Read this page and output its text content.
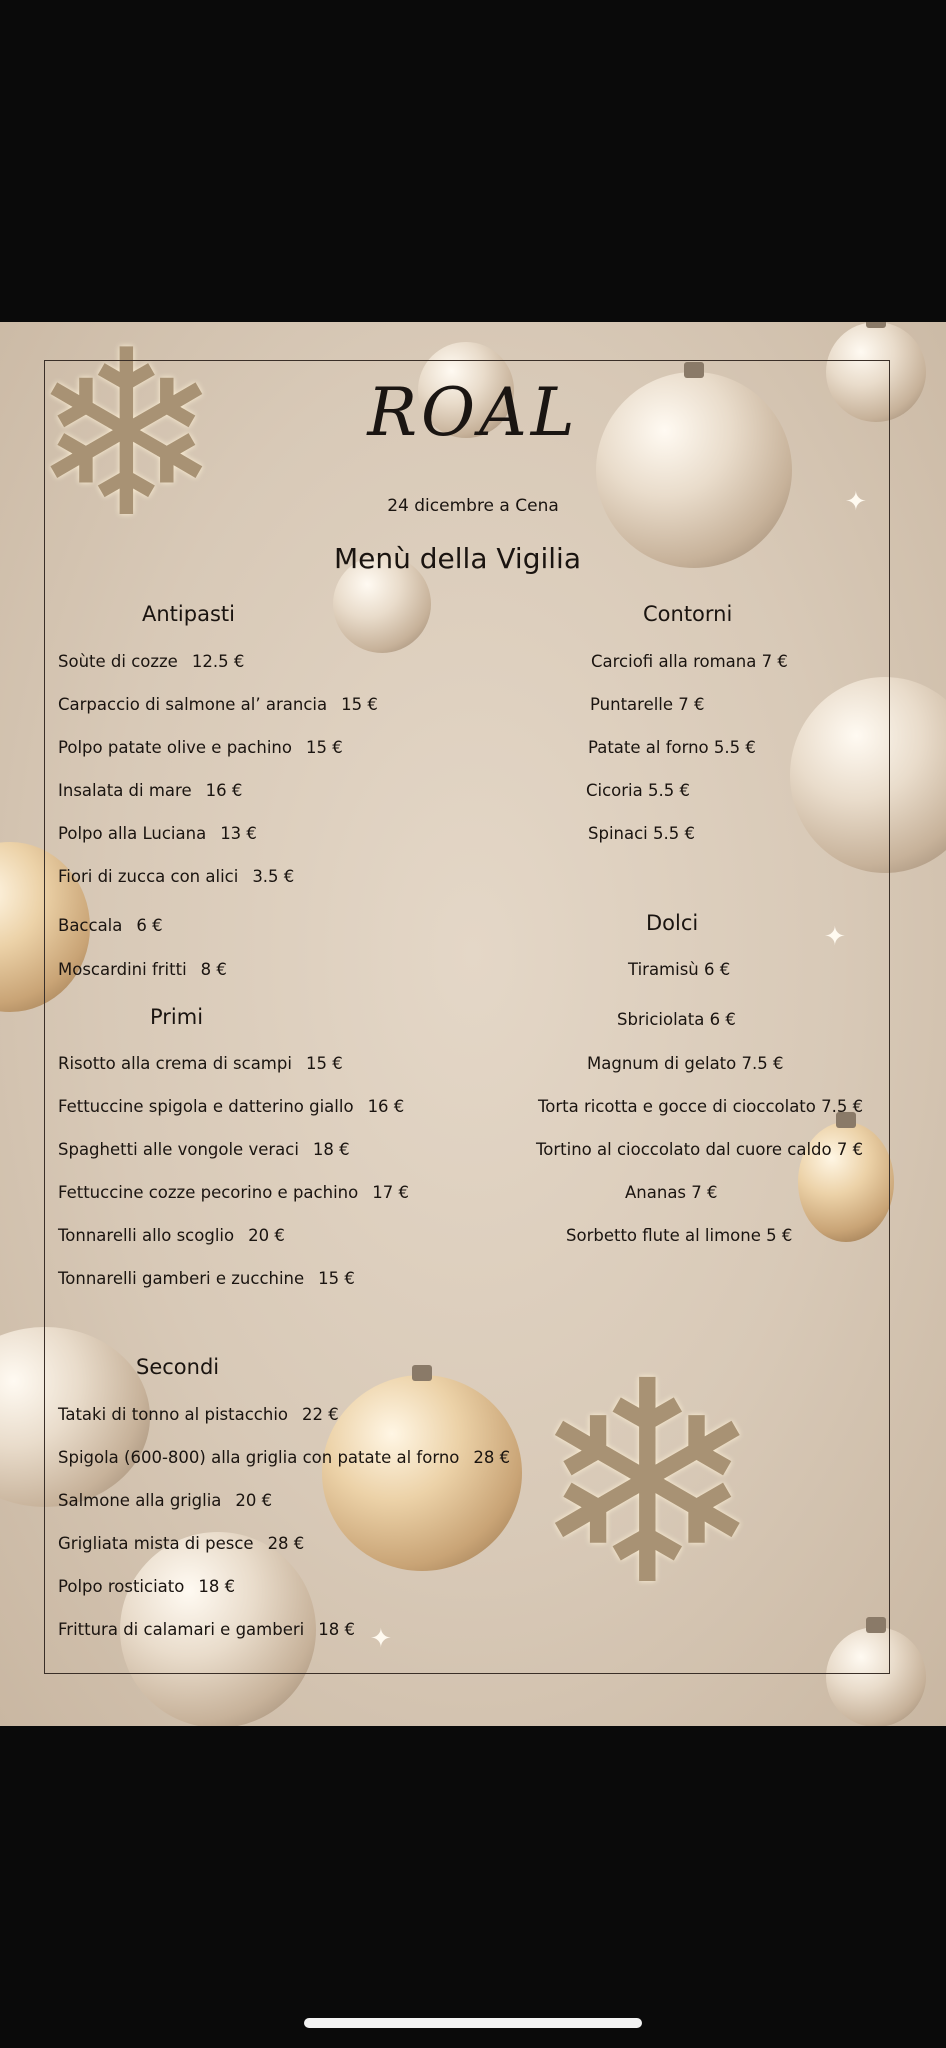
❄
❄
✦
✦
✦
ROAL
24 dicembre a Cena
Menù della Vigilia
Antipasti
Soùte di cozze 12.5 €
Carpaccio di salmone al’ arancia 15 €
Polpo patate olive e pachino 15 €
Insalata di mare 16 €
Polpo alla Luciana 13 €
Fiori di zucca con alici 3.5 €
Baccala 6 €
Moscardini fritti 8 €
Primi
Risotto alla crema di scampi 15 €
Fettuccine spigola e datterino giallo 16 €
Spaghetti alle vongole veraci 18 €
Fettuccine cozze pecorino e pachino 17 €
Tonnarelli allo scoglio 20 €
Tonnarelli gamberi e zucchine 15 €
Secondi
Tataki di tonno al pistacchio 22 €
Spigola (600-800) alla griglia con patate al forno 28 €
Salmone alla griglia 20 €
Grigliata mista di pesce 28 €
Polpo rosticiato 18 €
Frittura di calamari e gamberi 18 €
Contorni
Carciofi alla romana 7 €
Puntarelle 7 €
Patate al forno 5.5 €
Cicoria 5.5 €
Spinaci 5.5 €
Dolci
Tiramisù 6 €
Sbriciolata 6 €
Magnum di gelato 7.5 €
Torta ricotta e gocce di cioccolato 7.5 €
Tortino al cioccolato dal cuore caldo 7 €
Ananas 7 €
Sorbetto flute al limone 5 €
